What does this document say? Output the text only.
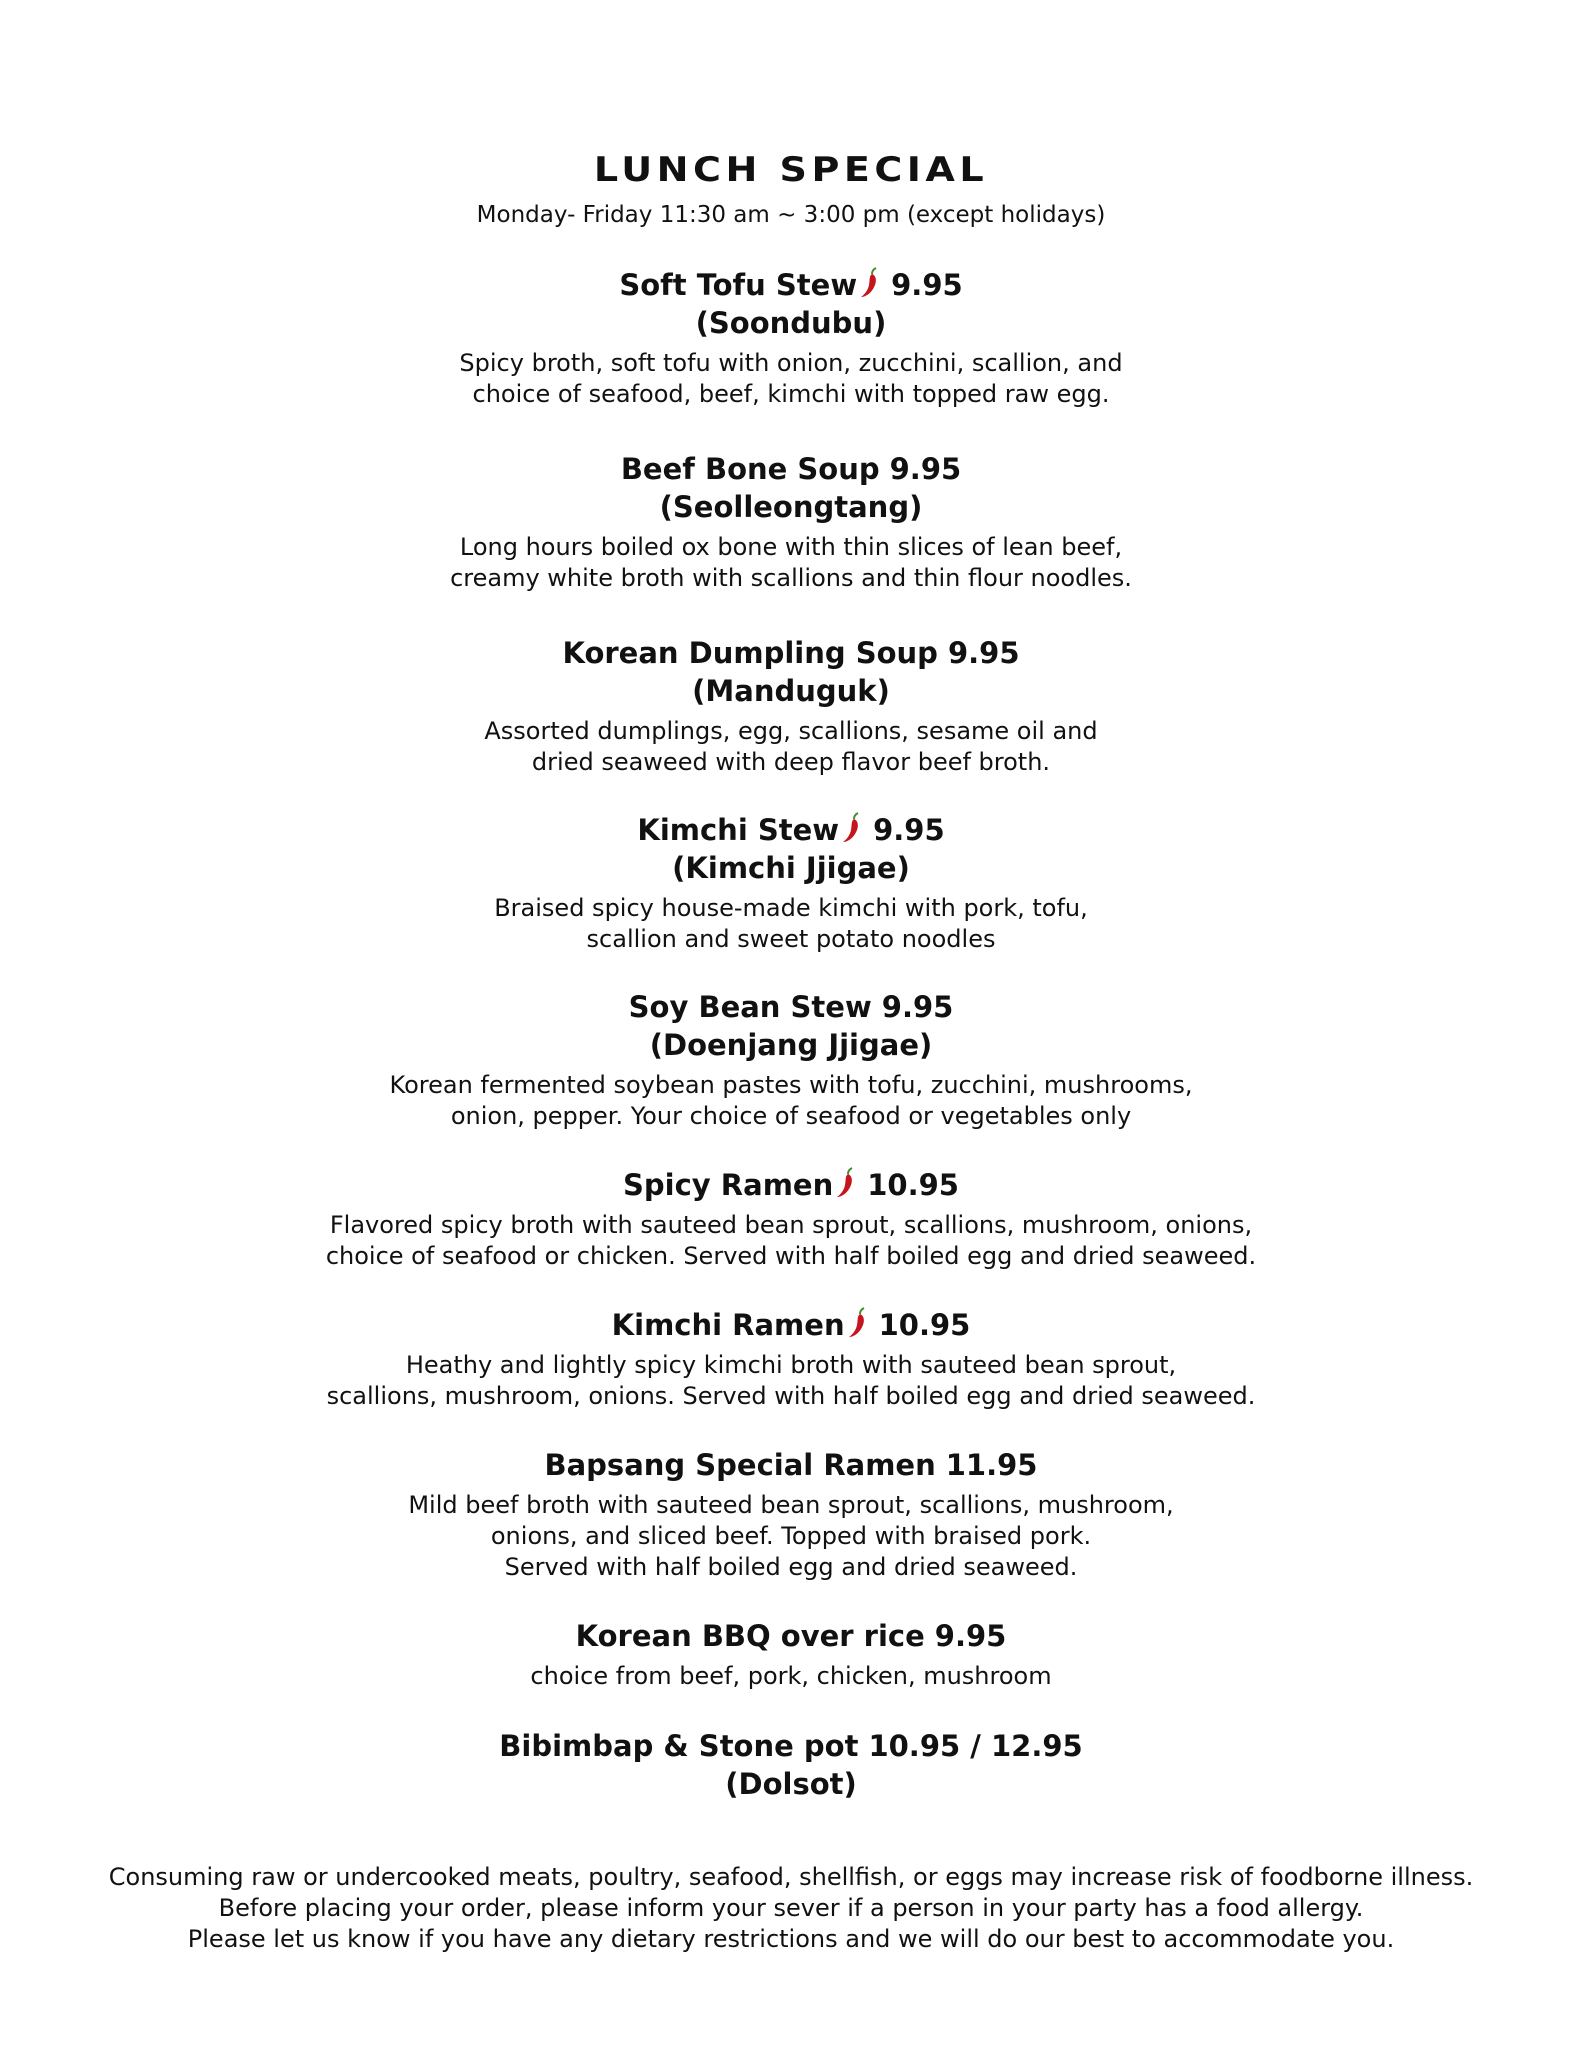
LUNCH SPECIAL

Monday- Friday 11:30 am ~ 3:00 pm (except holidays)

Soft Tofu Stew 9.95

(Soondubu)

Spicy broth, soft tofu with onion, zucchini, scallion, and
choice of seafood, beef, kimchi with topped raw egg.

Beef Bone Soup 9.95

(Seolleongtang)

Long hours boiled ox bone with thin slices of lean beef,
creamy white broth with scallions and thin flour noodles.

Korean Dumpling Soup 9.95

(Manduguk)

Assorted dumplings, egg, scallions, sesame oil and
dried seaweed with deep flavor beef broth.

Kimchi Stew 9.95

(Kimchi Jjigae)

Braised spicy house-made kimchi with pork, tofu,
scallion and sweet potato noodles

Soy Bean Stew 9.95

(Doenjang Jjigae)

Korean fermented soybean pastes with tofu, zucchini, mushrooms,
onion, pepper. Your choice of seafood or vegetables only

Spicy Ramen 10.95

Flavored spicy broth with sauteed bean sprout, scallions, mushroom, onions,
choice of seafood or chicken. Served with half boiled egg and dried seaweed.

Kimchi Ramen 10.95

Heathy and lightly spicy kimchi broth with sauteed bean sprout,
scallions, mushroom, onions. Served with half boiled egg and dried seaweed.

Bapsang Special Ramen 11.95

Mild beef broth with sauteed bean sprout, scallions, mushroom,
onions, and sliced beef. Topped with braised pork.
Served with half boiled egg and dried seaweed.

Korean BBQ over rice 9.95

choice from beef, pork, chicken, mushroom

Bibimbap & Stone pot 10.95 / 12.95

(Dolsot)

Consuming raw or undercooked meats, poultry, seafood, shellfish, or eggs may increase risk of foodborne illness.
Before placing your order, please inform your sever if a person in your party has a food allergy.
Please let us know if you have any dietary restrictions and we will do our best to accommodate you.
